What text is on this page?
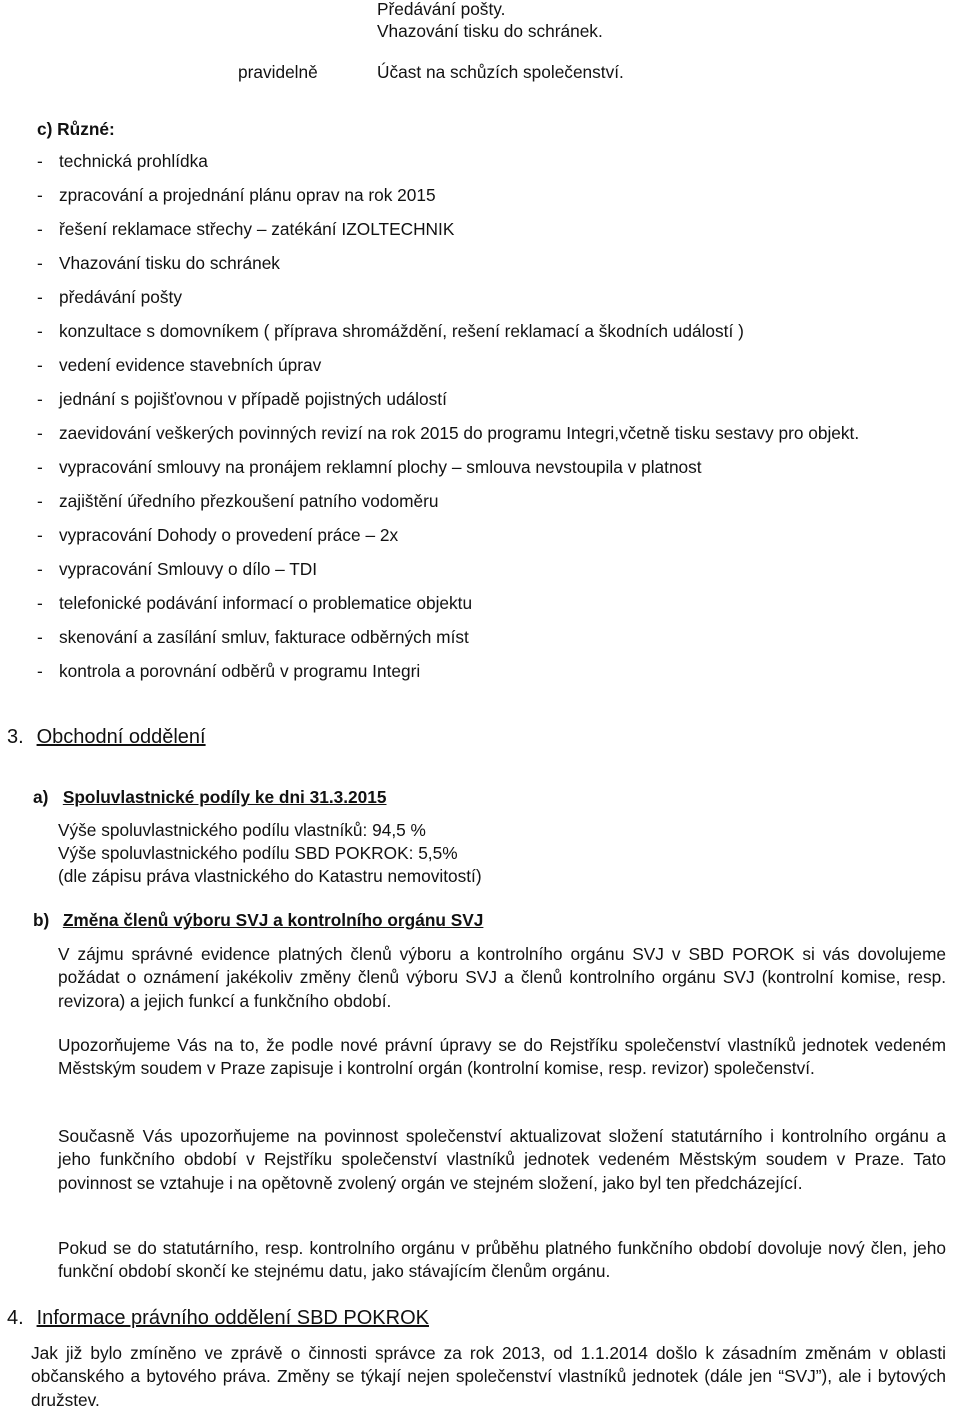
Předávání pošty.
Vhazování tisku do schránek.
pravidelně	Účast na schůzích společenství.
c) Různé:
- technická prohlídka
- zpracování a projednání plánu oprav na rok 2015
- řešení reklamace střechy – zatékání IZOLTECHNIK
- Vhazování tisku do schránek
- předávání pošty
- konzultace s domovníkem ( příprava shromáždění, rešení reklamací a škodních událostí )
- vedení evidence stavebních úprav
- jednání s pojišťovnou v případě pojistných událostí
- zaevidování veškerých povinných revizí na rok 2015 do programu Integri,včetně tisku sestavy pro objekt.
- vypracování smlouvy na pronájem reklamní plochy – smlouva nevstoupila v platnost
- zajištění úředního přezkoušení patního vodoměru
- vypracování Dohody o provedení práce – 2x
- vypracování Smlouvy o dílo – TDI
- telefonické podávání informací o problematice objektu
- skenování a zasílání smluv, fakturace odběrných míst
- kontrola a porovnání odběrů v programu Integri
3. Obchodní oddělení
a) Spoluvlastnické podíly ke dni 31.3.2015
Výše spoluvlastnického podílu vlastníků: 94,5 %
Výše spoluvlastnického podílu SBD POKROK: 5,5%
(dle zápisu práva vlastnického do Katastru nemovitostí)
b) Změna členů výboru SVJ a kontrolního orgánu SVJ
V zájmu správné evidence platných členů výboru a kontrolního orgánu SVJ v SBD POROK si vás dovolujeme požádat o oznámení jakékoliv změny členů výboru SVJ a členů kontrolního orgánu SVJ (kontrolní komise, resp. revizora) a jejich funkcí a funkčního období.
Upozorňujeme Vás na to, že podle nové právní úpravy se do Rejstříku společenství vlastníků jednotek vedeném Městským soudem v Praze zapisuje i kontrolní orgán (kontrolní komise, resp. revizor) společenství.
Současně Vás upozorňujeme na povinnost společenství aktualizovat složení statutárního i kontrolního orgánu a jeho funkčního období v Rejstříku společenství vlastníků jednotek vedeném Městským soudem v Praze. Tato povinnost se vztahuje i na opětovně zvolený orgán ve stejném složení, jako byl ten předcházející.
Pokud se do statutárního, resp. kontrolního orgánu v průběhu platného funkčního období dovoluje nový člen, jeho funkční období skončí ke stejnému datu, jako stávajícím členům orgánu.
4. Informace právního oddělení SBD POKROK
Jak již bylo zmíněno ve zprávě o činnosti správce za rok 2013, od 1.1.2014 došlo k zásadním změnám v oblasti občanského a bytového práva. Změny se týkají nejen společenství vlastníků jednotek (dále jen “SVJ”), ale i bytových družstev.
